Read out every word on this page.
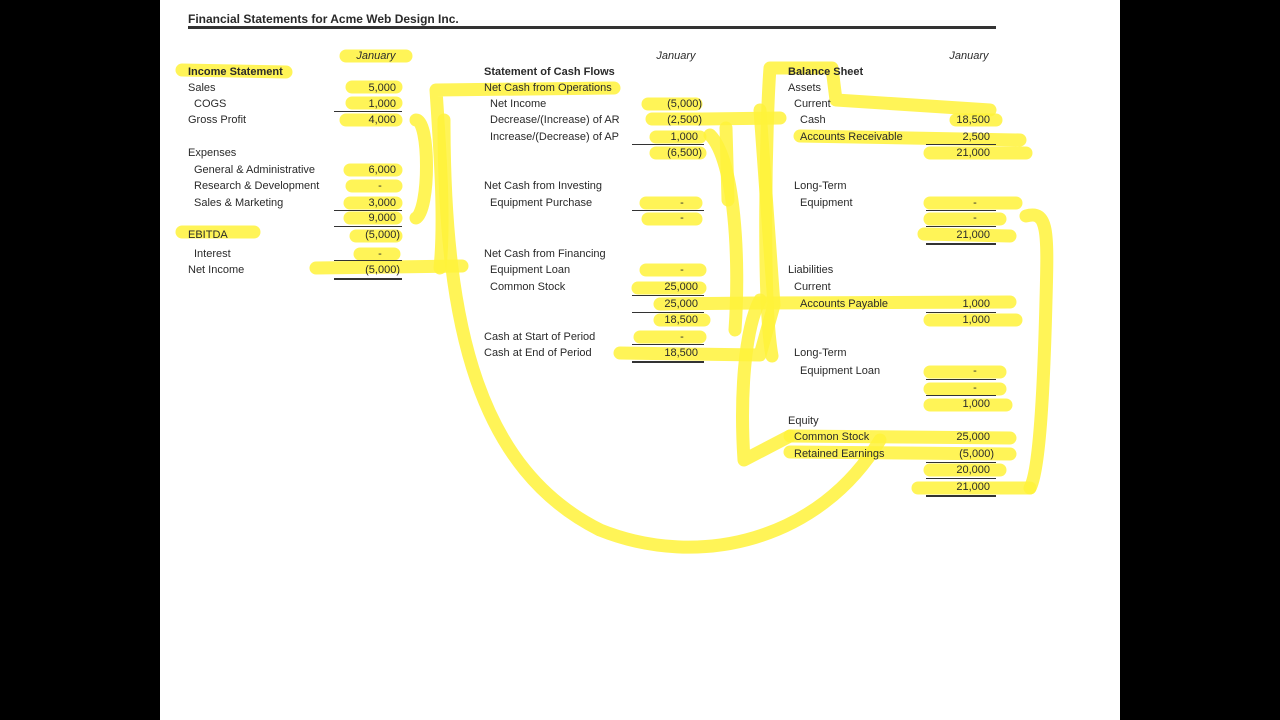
Financial Statements for Acme Web Design Inc.
January
Income Statement
Sales	5,000
COGS	1,000
Gross Profit	4,000
Expenses
General & Administrative	6,000
Research & Development	-
Sales & Marketing	3,000
9,000
EBITDA	(5,000)
Interest	-
Net Income	(5,000)
January
Statement of Cash Flows
Net Cash from Operations
Net Income	(5,000)
Decrease/(Increase) of AR	(2,500)
Increase/(Decrease) of AP	1,000
(6,500)
Net Cash from Investing
Equipment Purchase	-
-
Net Cash from Financing
Equipment Loan	-
Common Stock	25,000
25,000
18,500
Cash at Start of Period	-
Cash at End of Period	18,500
January
Balance Sheet
Assets
Current
Cash	18,500
Accounts Receivable	2,500
21,000
Long-Term
Equipment	-
-
21,000
Liabilities
Current
Accounts Payable	1,000
1,000
Long-Term
Equipment Loan	-
-
1,000
Equity
Common Stock	25,000
Retained Earnings	(5,000)
20,000
21,000
